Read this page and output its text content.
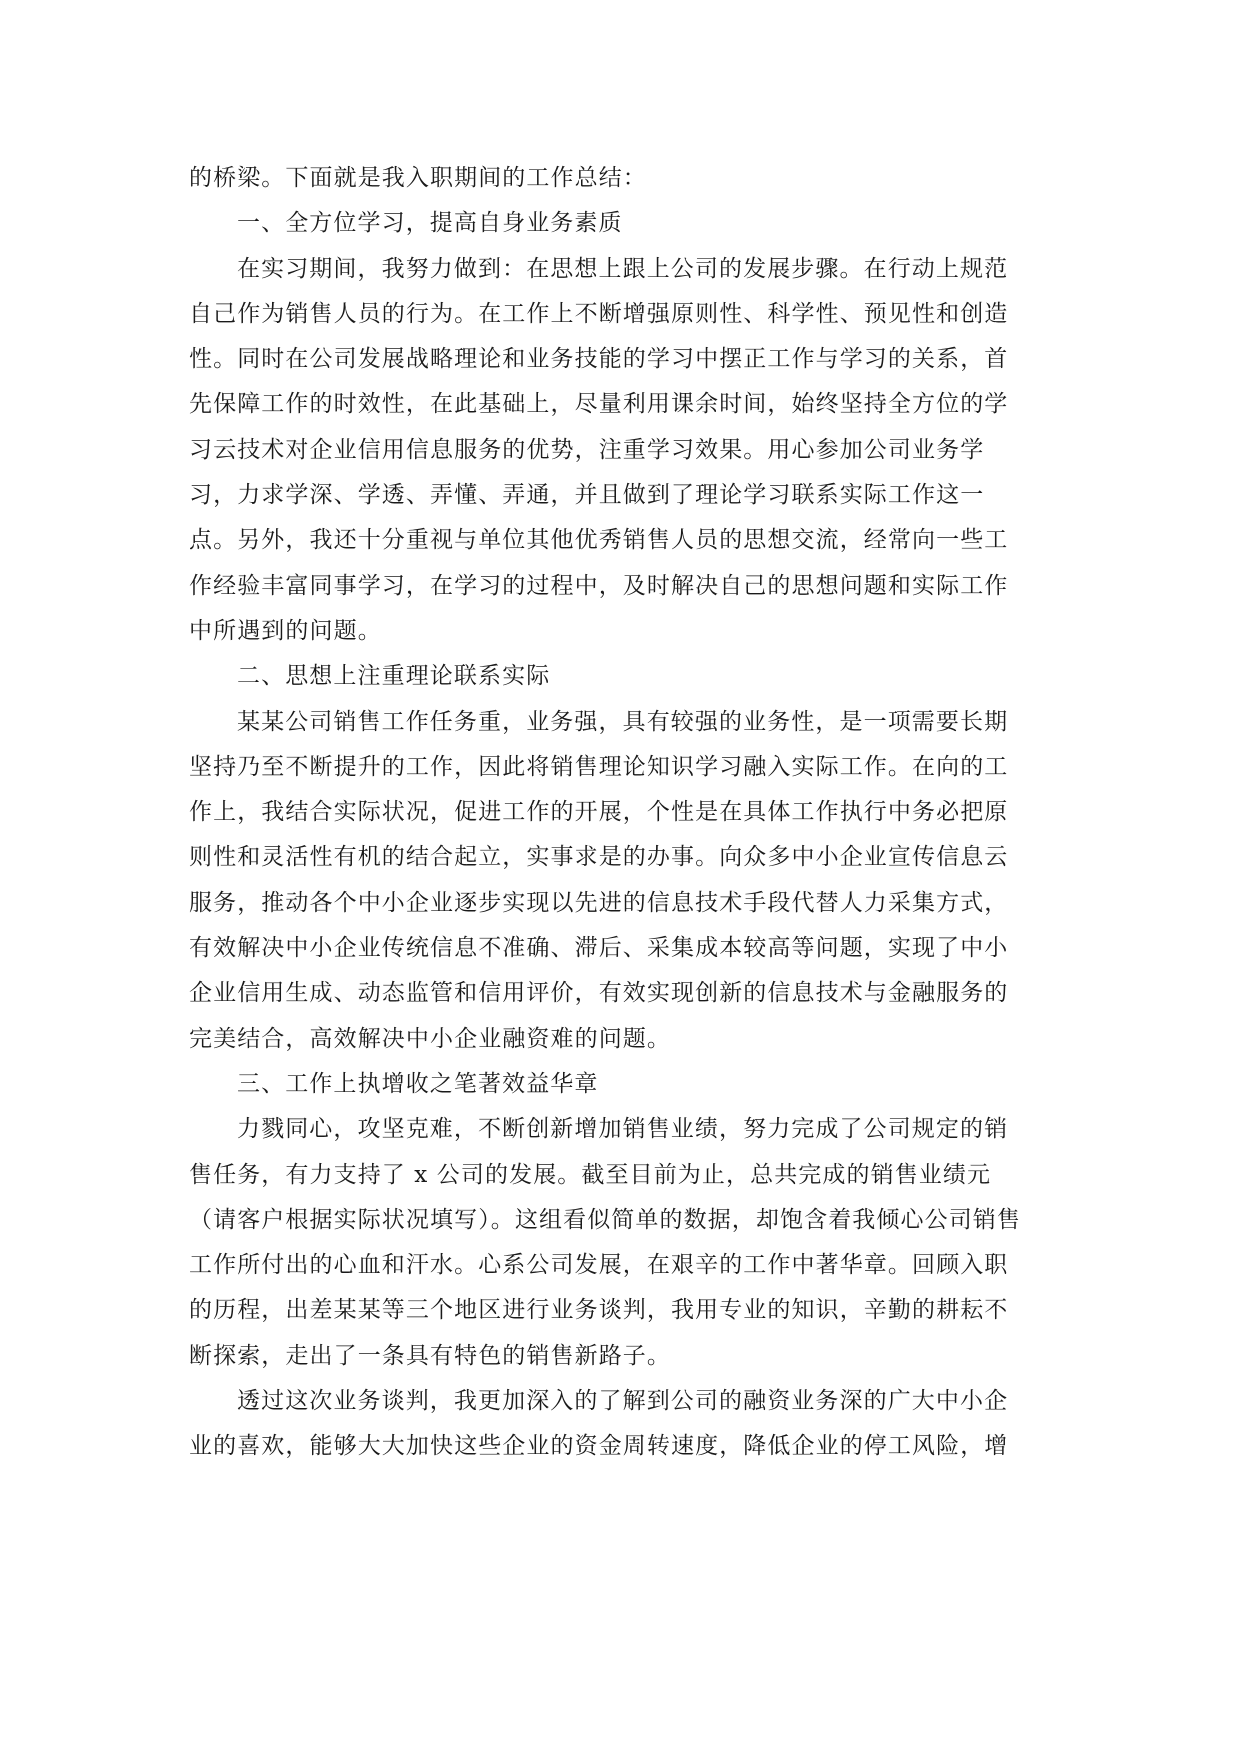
的桥梁。下面就是我入职期间的工作总结：
一、全方位学习，提高自身业务素质
在实习期间，我努力做到：在思想上跟上公司的发展步骤。在行动上规范
自己作为销售人员的行为。在工作上不断增强原则性、科学性、预见性和创造
性。同时在公司发展战略理论和业务技能的学习中摆正工作与学习的关系，首
先保障工作的时效性，在此基础上，尽量利用课余时间，始终坚持全方位的学
习云技术对企业信用信息服务的优势，注重学习效果。用心参加公司业务学
习，力求学深、学透、弄懂、弄通，并且做到了理论学习联系实际工作这一
点。另外，我还十分重视与单位其他优秀销售人员的思想交流，经常向一些工
作经验丰富同事学习，在学习的过程中，及时解决自己的思想问题和实际工作
中所遇到的问题。
二、思想上注重理论联系实际
某某公司销售工作任务重，业务强，具有较强的业务性，是一项需要长期
坚持乃至不断提升的工作，因此将销售理论知识学习融入实际工作。在向的工
作上，我结合实际状况，促进工作的开展，个性是在具体工作执行中务必把原
则性和灵活性有机的结合起立，实事求是的办事。向众多中小企业宣传信息云
服务，推动各个中小企业逐步实现以先进的信息技术手段代替人力采集方式，
有效解决中小企业传统信息不准确、滞后、采集成本较高等问题，实现了中小
企业信用生成、动态监管和信用评价，有效实现创新的信息技术与金融服务的
完美结合，高效解决中小企业融资难的问题。
三、工作上执增收之笔著效益华章
力戮同心，攻坚克难，不断创新增加销售业绩，努力完成了公司规定的销
售任务，有力支持了 x 公司的发展。截至目前为止，总共完成的销售业绩元
（请客户根据实际状况填写）。这组看似简单的数据，却饱含着我倾心公司销售
工作所付出的心血和汗水。心系公司发展，在艰辛的工作中著华章。回顾入职
的历程，出差某某等三个地区进行业务谈判，我用专业的知识，辛勤的耕耘不
断探索，走出了一条具有特色的销售新路子。
透过这次业务谈判，我更加深入的了解到公司的融资业务深的广大中小企
业的喜欢，能够大大加快这些企业的资金周转速度，降低企业的停工风险，增
